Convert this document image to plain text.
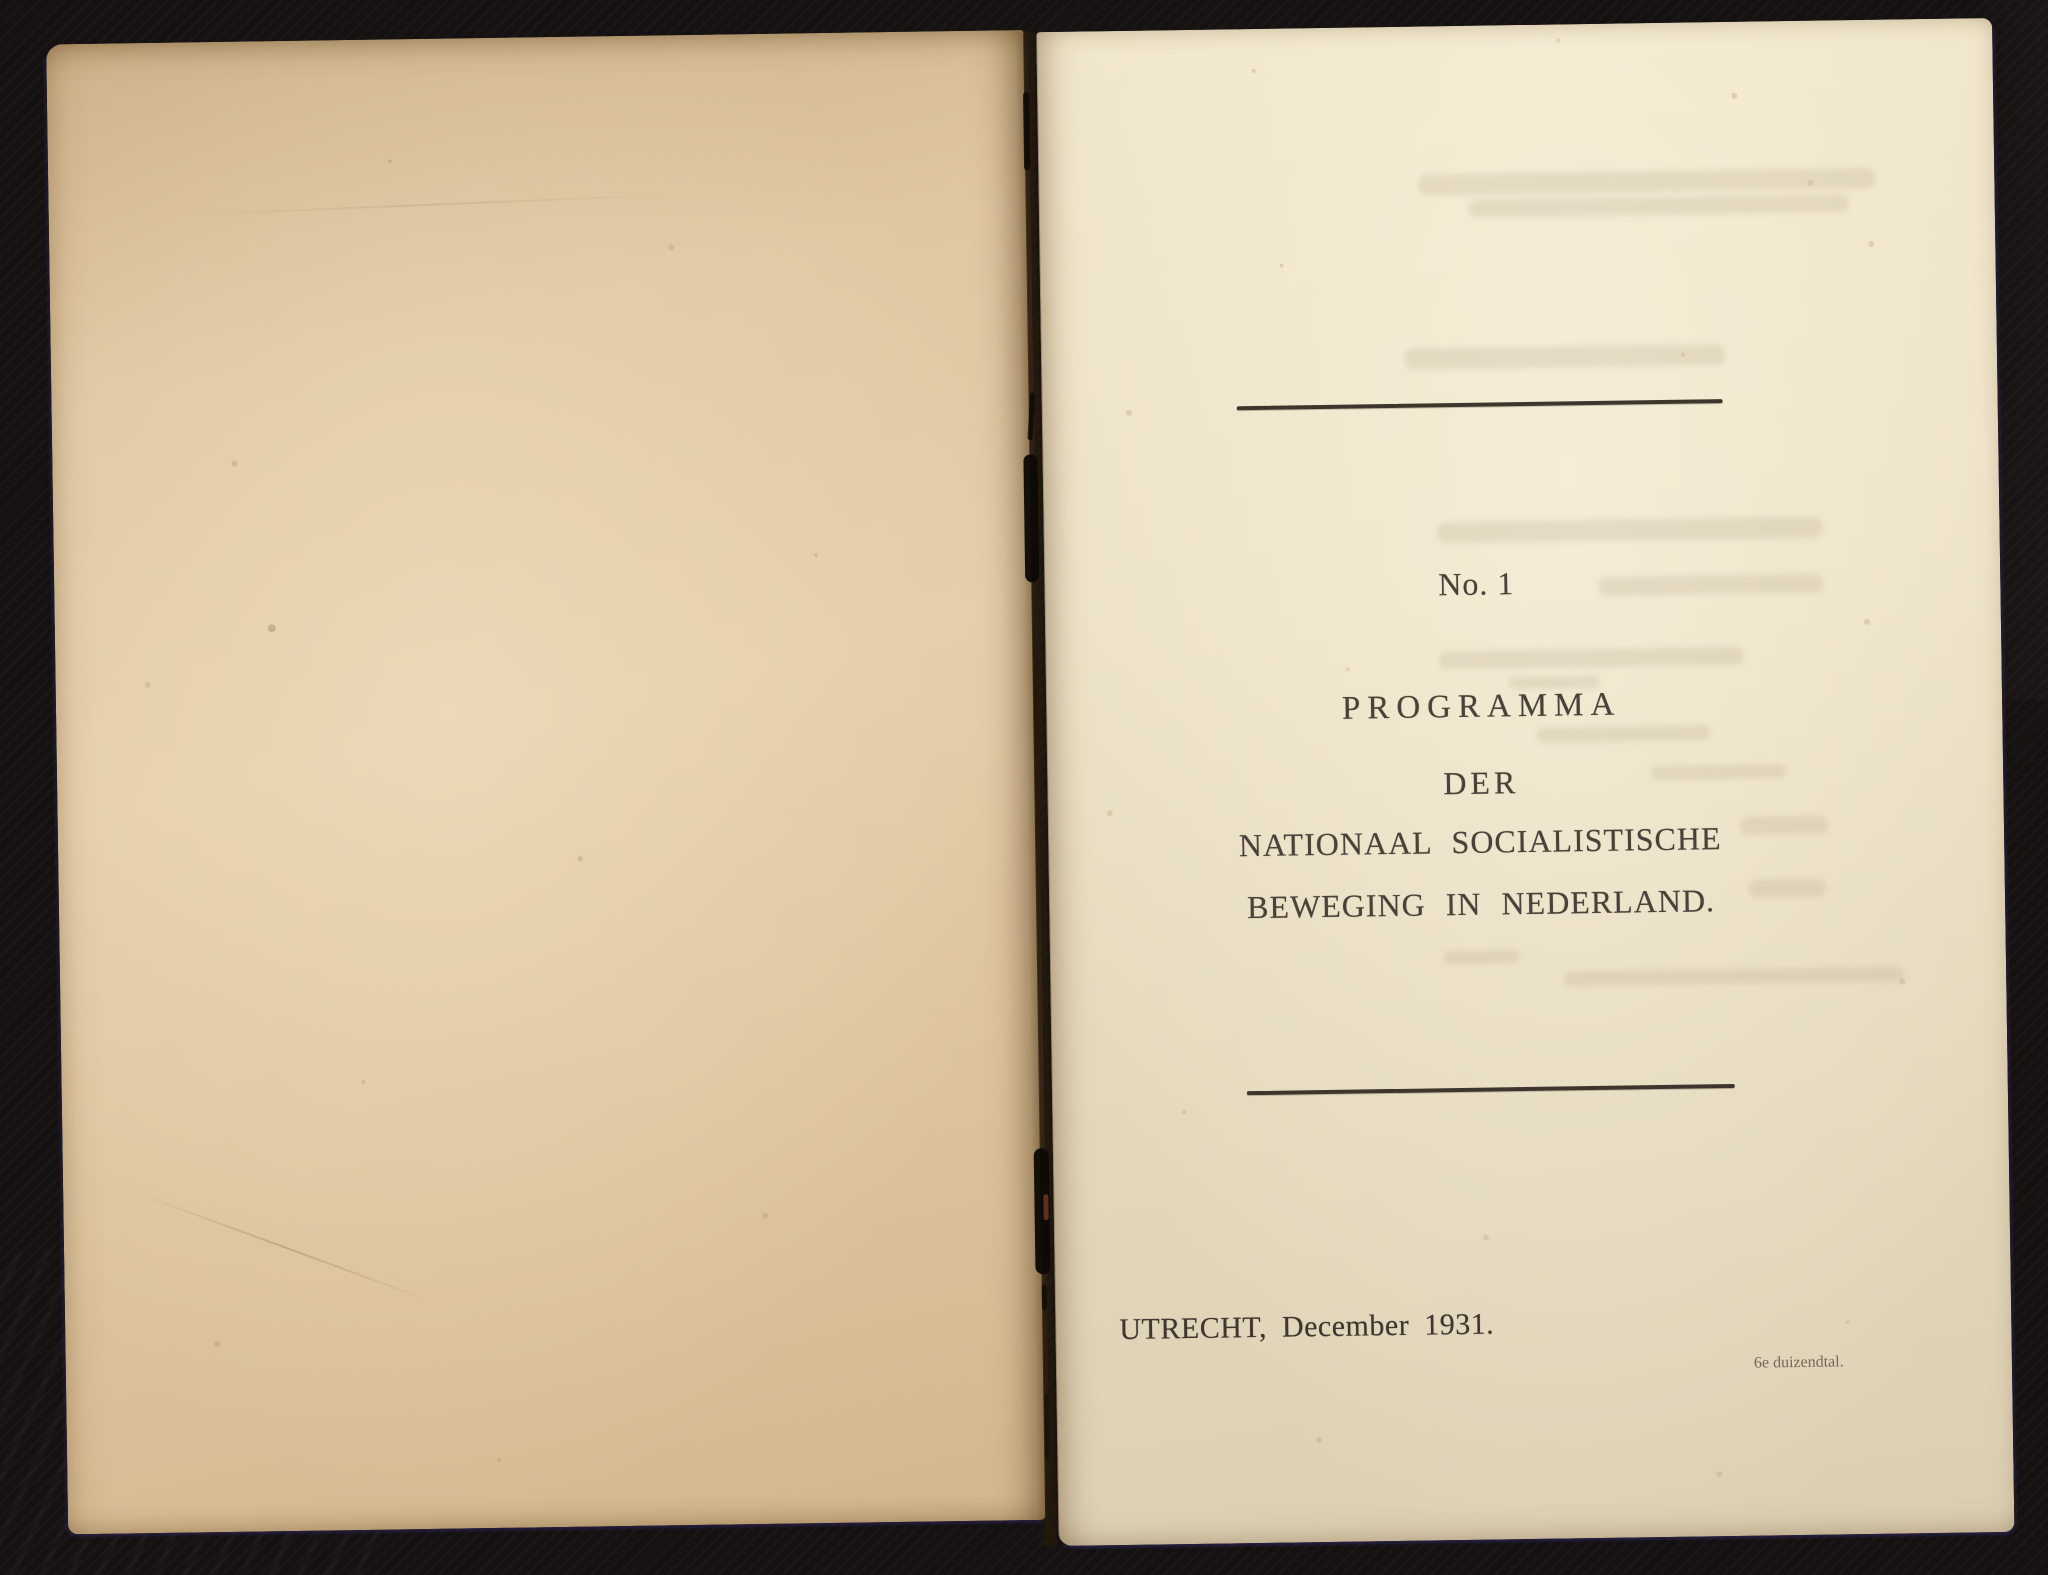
No. 1
PROGRAMMA
DER
NATIONAAL SOCIALISTISCHE
BEWEGING IN NEDERLAND.
UTRECHT, December 1931.
6e duizendtal.
